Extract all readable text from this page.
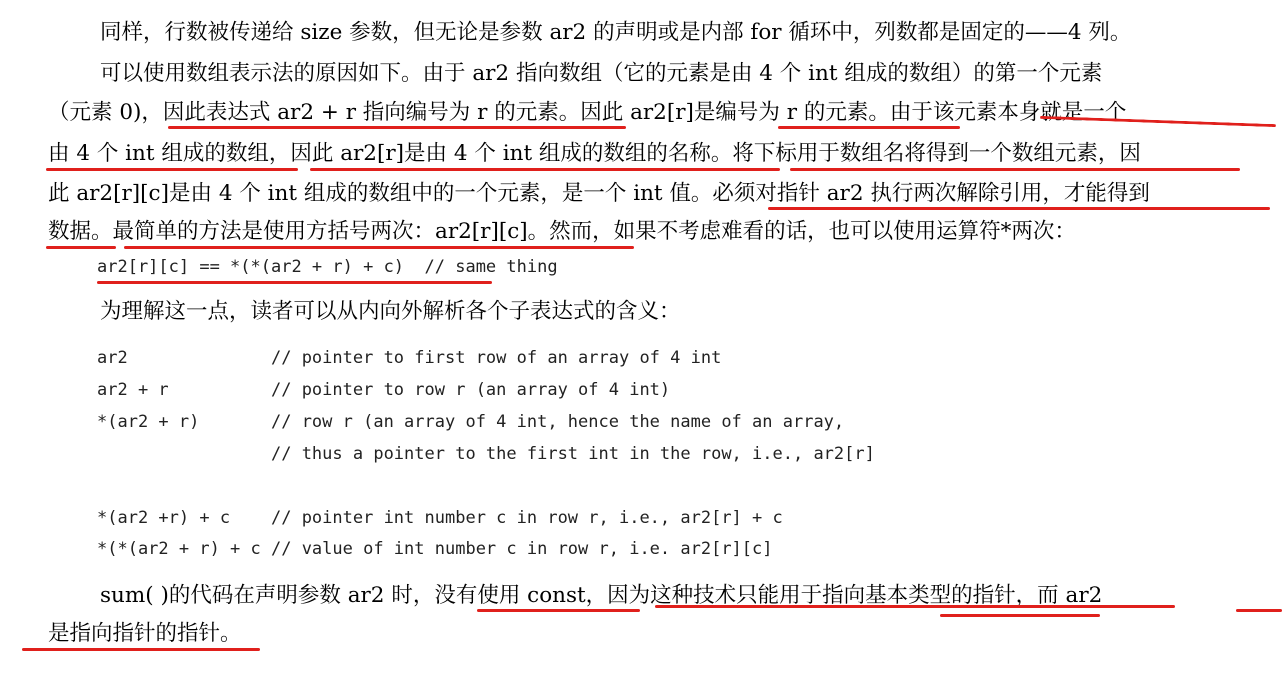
同样，行数被传递给 size 参数，但无论是参数 ar2 的声明或是内部 for 循环中，列数都是固定的——4 列。
可以使用数组表示法的原因如下。由于 ar2 指向数组（它的元素是由 4 个 int 组成的数组）的第一个元素
（元素 0)，因此表达式 ar2 + r 指向编号为 r 的元素。因此 ar2[r]是编号为 r 的元素。由于该元素本身就是一个
由 4 个 int 组成的数组，因此 ar2[r]是由 4 个 int 组成的数组的名称。将下标用于数组名将得到一个数组元素，因
此 ar2[r][c]是由 4 个 int 组成的数组中的一个元素，是一个 int 值。必须对指针 ar2 执行两次解除引用，才能得到
数据。最简单的方法是使用方括号两次：ar2[r][c]。然而，如果不考虑难看的话，也可以使用运算符*两次：
ar2[r][c] == *(*(ar2 + r) + c)  // same thing
为理解这一点，读者可以从内向外解析各个子表达式的含义：
ar2              // pointer to first row of an array of 4 int
ar2 + r          // pointer to row r (an array of 4 int)
*(ar2 + r)       // row r (an array of 4 int, hence the name of an array,
// thus a pointer to the first int in the row, i.e., ar2[r]
*(ar2 +r) + c    // pointer int number c in row r, i.e., ar2[r] + c
*(*(ar2 + r) + c // value of int number c in row r, i.e. ar2[r][c]
sum( )的代码在声明参数 ar2 时，没有使用 const，因为这种技术只能用于指向基本类型的指针，而 ar2
是指向指针的指针。
